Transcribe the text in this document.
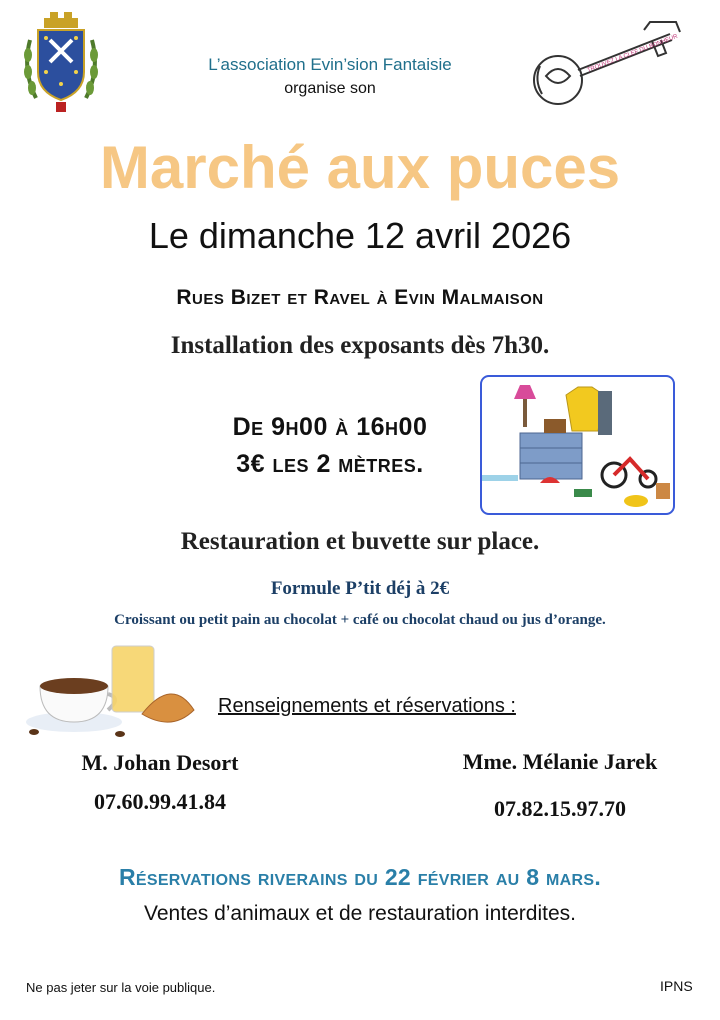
L’association Evin’sion Fantaisie
organise son
TROUVEZ LA CLEF DU BONHEUR
Marché aux puces
Le dimanche 12 avril 2026
Rues Bizet et Ravel à Evin Malmaison
Installation des exposants dès 7h30.
De 9h00 à 16h00
3€ les 2 mètres.
Restauration et buvette sur place.
Formule P’tit déj à 2€
Croissant ou petit pain au chocolat + café ou chocolat chaud ou jus d’orange.
Renseignements et réservations :
M. Johan Desort
07.60.99.41.84
Mme. Mélanie Jarek
07.82.15.97.70
Réservations riverains du 22 février au 8 mars.
Ventes d’animaux et de restauration interdites.
Ne pas jeter sur la voie publique.	IPNS
